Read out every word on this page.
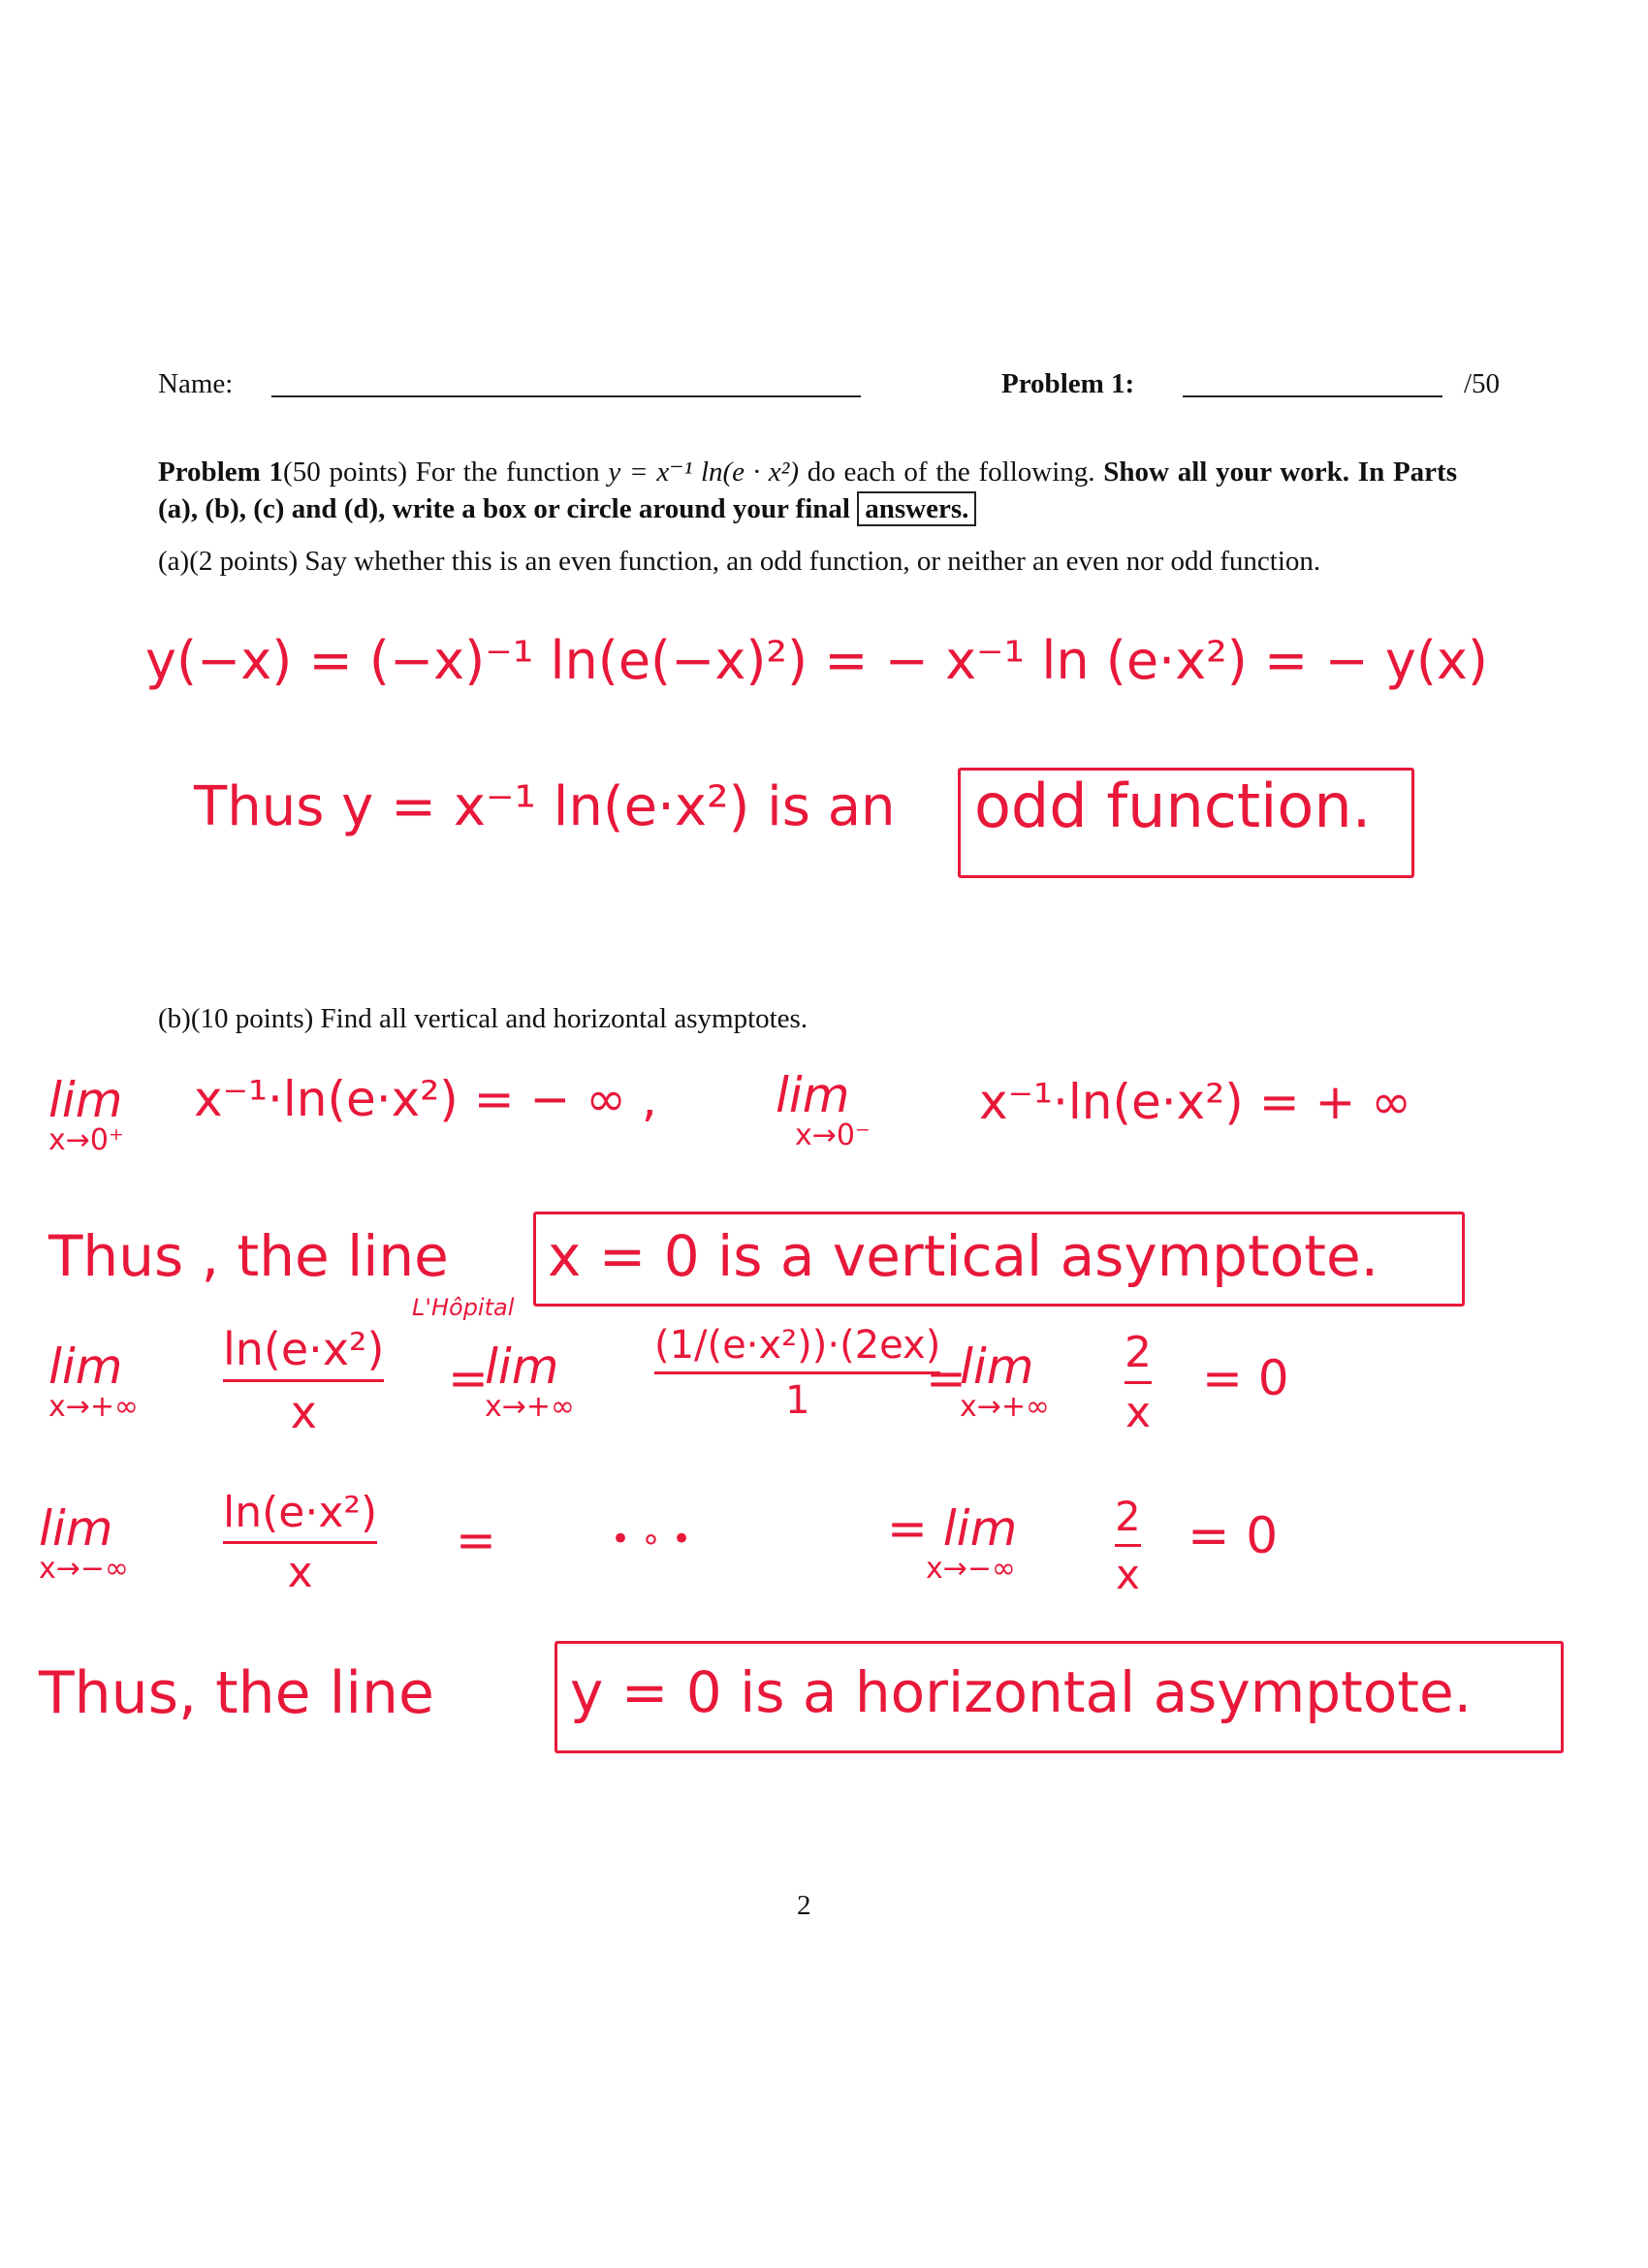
Name:	Problem 1:	/50
Problem 1(50 points) For the function y = x⁻¹ ln(e · x²) do each of the following. Show all your work. In Parts (a), (b), (c) and (d), write a box or circle around your final answers.
(a)(2 points) Say whether this is an even function, an odd function, or neither an even nor odd function.
y(−x) = (−x)⁻¹ ln(e(−x)²) = − x⁻¹ ln (e·x²) = − y(x)
Thus y = x⁻¹ ln(e·x²) is an odd function.
(b)(10 points) Find all vertical and horizontal asymptotes.
lim
x→0⁺
x⁻¹·ln(e·x²) = − ∞ , lim
x→0⁻
x⁻¹·ln(e·x²) = + ∞
Thus , the line x = 0 is a vertical asymptote.
L'Hôpital
lim
x→+∞
ln(e·x²)
x
=
lim
x→+∞
(1/(e·x²))·(2ex)
1 =
lim
x→+∞
2
x
= 0
lim
x→−∞
ln(e·x²)
x
=	• ∘ •	= lim
x→−∞
2
x
= 0
Thus, the line y = 0 is a horizontal asymptote.
2
